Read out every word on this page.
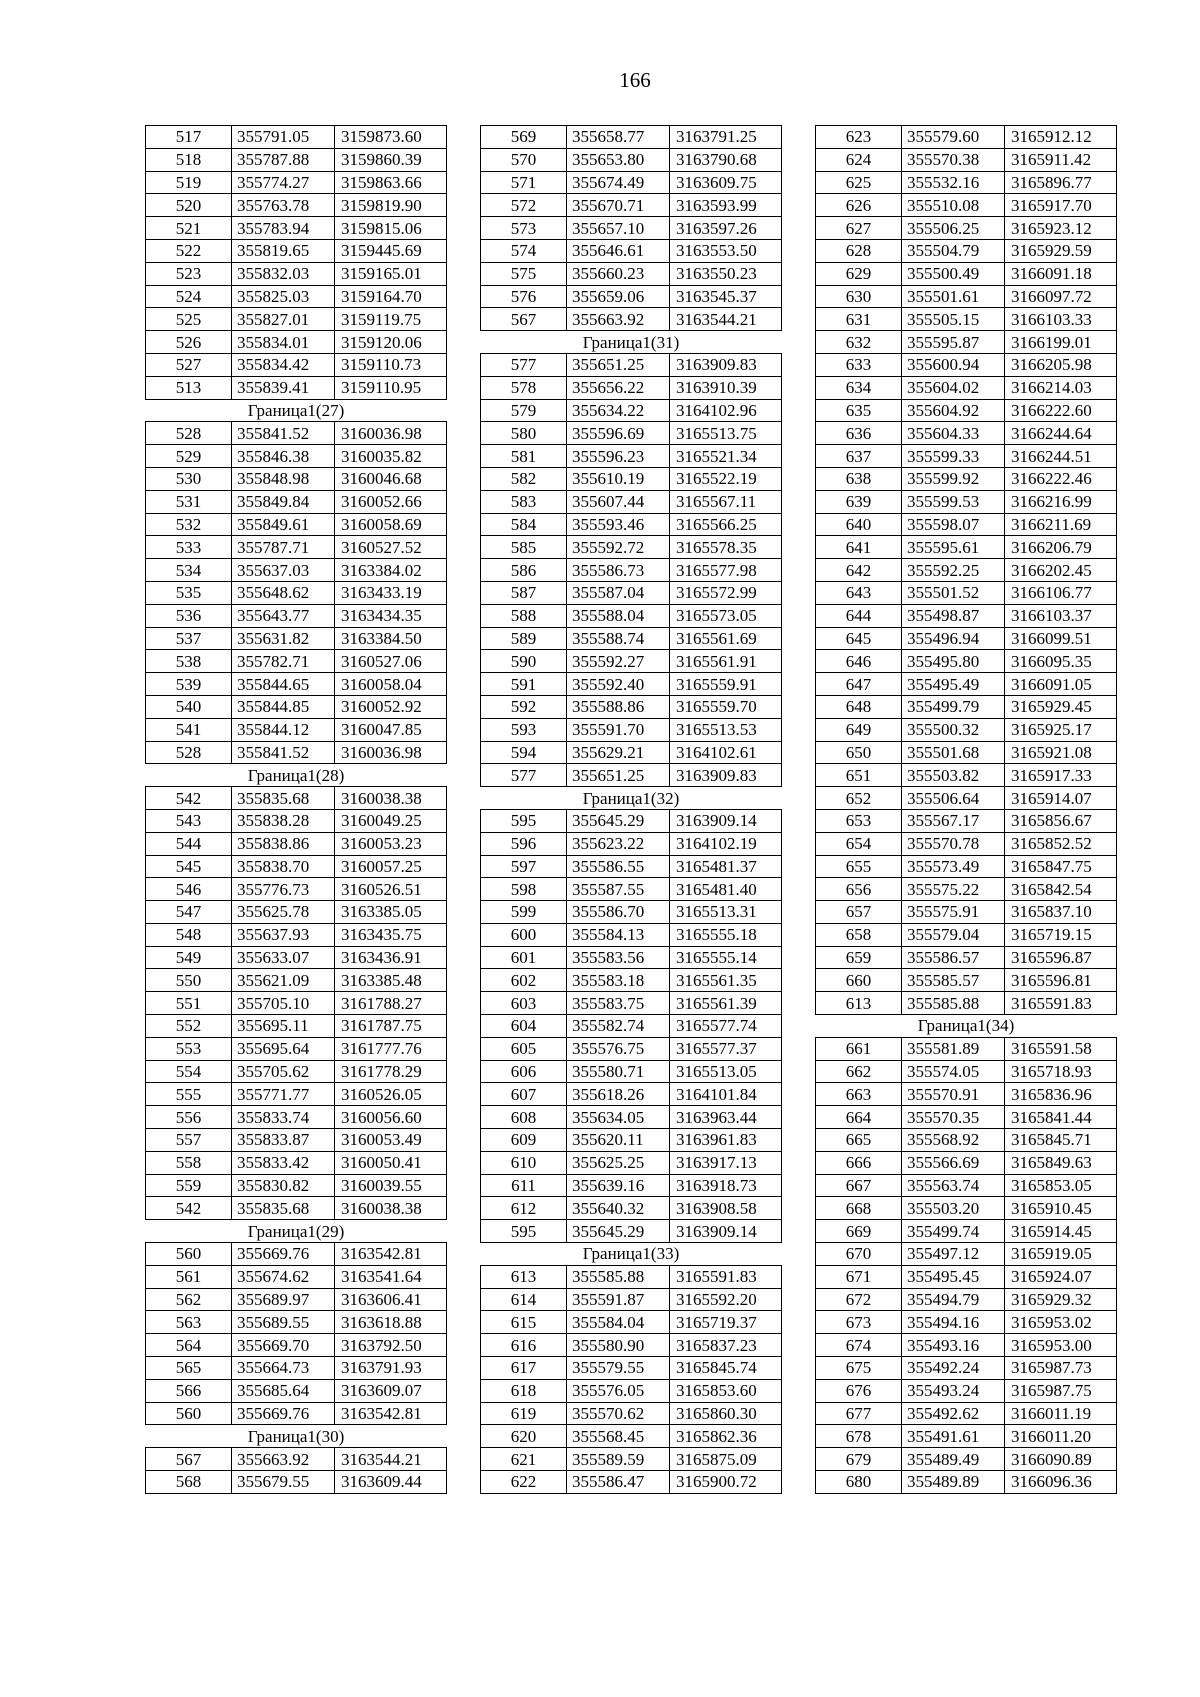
166
517	355791.05	3159873.60
518	355787.88	3159860.39
519	355774.27	3159863.66
520	355763.78	3159819.90
521	355783.94	3159815.06
522	355819.65	3159445.69
523	355832.03	3159165.01
524	355825.03	3159164.70
525	355827.01	3159119.75
526	355834.01	3159120.06
527	355834.42	3159110.73
513	355839.41	3159110.95
Граница1(27)		
528	355841.52	3160036.98
529	355846.38	3160035.82
530	355848.98	3160046.68
531	355849.84	3160052.66
532	355849.61	3160058.69
533	355787.71	3160527.52
534	355637.03	3163384.02
535	355648.62	3163433.19
536	355643.77	3163434.35
537	355631.82	3163384.50
538	355782.71	3160527.06
539	355844.65	3160058.04
540	355844.85	3160052.92
541	355844.12	3160047.85
528	355841.52	3160036.98
Граница1(28)		
542	355835.68	3160038.38
543	355838.28	3160049.25
544	355838.86	3160053.23
545	355838.70	3160057.25
546	355776.73	3160526.51
547	355625.78	3163385.05
548	355637.93	3163435.75
549	355633.07	3163436.91
550	355621.09	3163385.48
551	355705.10	3161788.27
552	355695.11	3161787.75
553	355695.64	3161777.76
554	355705.62	3161778.29
555	355771.77	3160526.05
556	355833.74	3160056.60
557	355833.87	3160053.49
558	355833.42	3160050.41
559	355830.82	3160039.55
542	355835.68	3160038.38
Граница1(29)		
560	355669.76	3163542.81
561	355674.62	3163541.64
562	355689.97	3163606.41
563	355689.55	3163618.88
564	355669.70	3163792.50
565	355664.73	3163791.93
566	355685.64	3163609.07
560	355669.76	3163542.81
Граница1(30)		
567	355663.92	3163544.21
568	355679.55	3163609.44
569	355658.77	3163791.25
570	355653.80	3163790.68
571	355674.49	3163609.75
572	355670.71	3163593.99
573	355657.10	3163597.26
574	355646.61	3163553.50
575	355660.23	3163550.23
576	355659.06	3163545.37
567	355663.92	3163544.21
Граница1(31)		
577	355651.25	3163909.83
578	355656.22	3163910.39
579	355634.22	3164102.96
580	355596.69	3165513.75
581	355596.23	3165521.34
582	355610.19	3165522.19
583	355607.44	3165567.11
584	355593.46	3165566.25
585	355592.72	3165578.35
586	355586.73	3165577.98
587	355587.04	3165572.99
588	355588.04	3165573.05
589	355588.74	3165561.69
590	355592.27	3165561.91
591	355592.40	3165559.91
592	355588.86	3165559.70
593	355591.70	3165513.53
594	355629.21	3164102.61
577	355651.25	3163909.83
Граница1(32)		
595	355645.29	3163909.14
596	355623.22	3164102.19
597	355586.55	3165481.37
598	355587.55	3165481.40
599	355586.70	3165513.31
600	355584.13	3165555.18
601	355583.56	3165555.14
602	355583.18	3165561.35
603	355583.75	3165561.39
604	355582.74	3165577.74
605	355576.75	3165577.37
606	355580.71	3165513.05
607	355618.26	3164101.84
608	355634.05	3163963.44
609	355620.11	3163961.83
610	355625.25	3163917.13
611	355639.16	3163918.73
612	355640.32	3163908.58
595	355645.29	3163909.14
Граница1(33)		
613	355585.88	3165591.83
614	355591.87	3165592.20
615	355584.04	3165719.37
616	355580.90	3165837.23
617	355579.55	3165845.74
618	355576.05	3165853.60
619	355570.62	3165860.30
620	355568.45	3165862.36
621	355589.59	3165875.09
622	355586.47	3165900.72
623	355579.60	3165912.12
624	355570.38	3165911.42
625	355532.16	3165896.77
626	355510.08	3165917.70
627	355506.25	3165923.12
628	355504.79	3165929.59
629	355500.49	3166091.18
630	355501.61	3166097.72
631	355505.15	3166103.33
632	355595.87	3166199.01
633	355600.94	3166205.98
634	355604.02	3166214.03
635	355604.92	3166222.60
636	355604.33	3166244.64
637	355599.33	3166244.51
638	355599.92	3166222.46
639	355599.53	3166216.99
640	355598.07	3166211.69
641	355595.61	3166206.79
642	355592.25	3166202.45
643	355501.52	3166106.77
644	355498.87	3166103.37
645	355496.94	3166099.51
646	355495.80	3166095.35
647	355495.49	3166091.05
648	355499.79	3165929.45
649	355500.32	3165925.17
650	355501.68	3165921.08
651	355503.82	3165917.33
652	355506.64	3165914.07
653	355567.17	3165856.67
654	355570.78	3165852.52
655	355573.49	3165847.75
656	355575.22	3165842.54
657	355575.91	3165837.10
658	355579.04	3165719.15
659	355586.57	3165596.87
660	355585.57	3165596.81
613	355585.88	3165591.83
Граница1(34)		
661	355581.89	3165591.58
662	355574.05	3165718.93
663	355570.91	3165836.96
664	355570.35	3165841.44
665	355568.92	3165845.71
666	355566.69	3165849.63
667	355563.74	3165853.05
668	355503.20	3165910.45
669	355499.74	3165914.45
670	355497.12	3165919.05
671	355495.45	3165924.07
672	355494.79	3165929.32
673	355494.16	3165953.02
674	355493.16	3165953.00
675	355492.24	3165987.73
676	355493.24	3165987.75
677	355492.62	3166011.19
678	355491.61	3166011.20
679	355489.49	3166090.89
680	355489.89	3166096.36
